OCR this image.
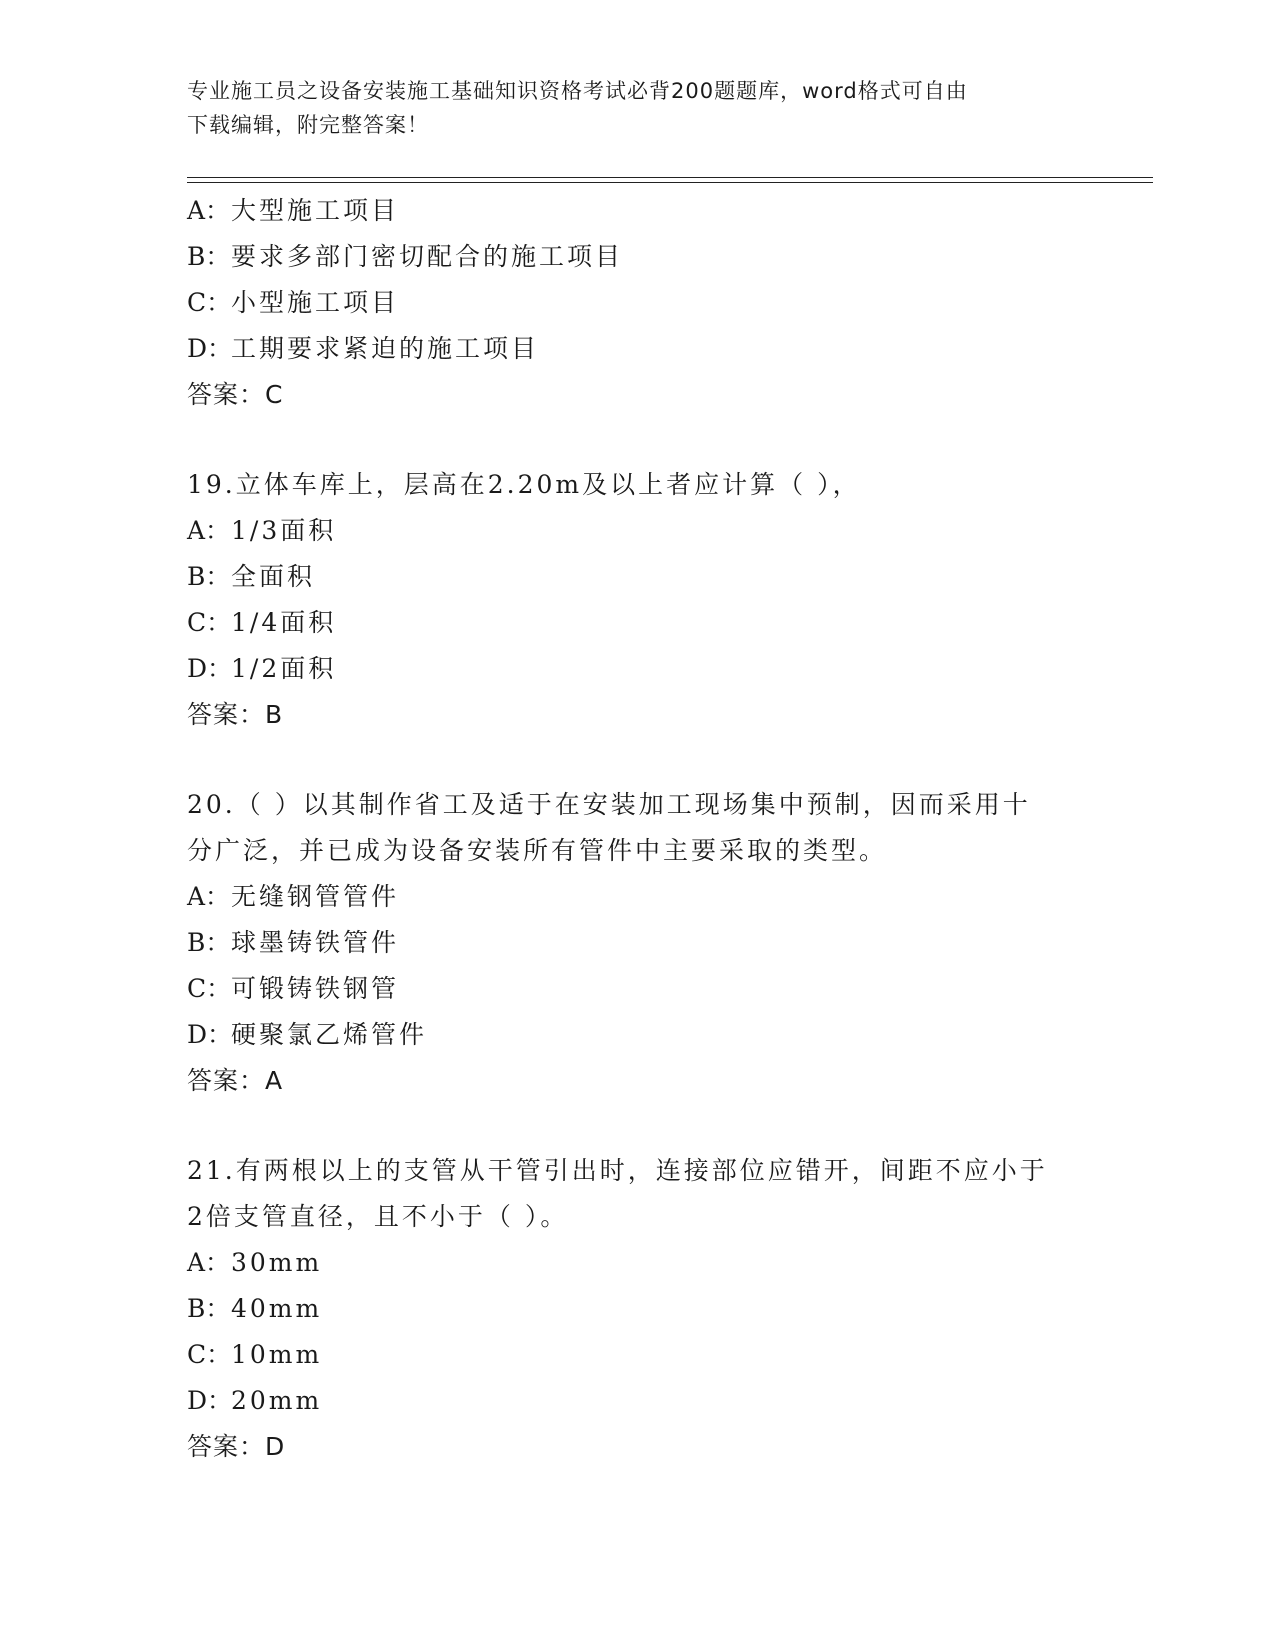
专业施工员之设备安装施工基础知识资格考试必背200题题库，word格式可自由
下载编辑，附完整答案！
A：大型施工项目
B：要求多部门密切配合的施工项目
C：小型施工项目
D：工期要求紧迫的施工项目
答案：C
19.立体车库上，层高在2.20m及以上者应计算（ ），
A：1/3面积
B：全面积
C：1/4面积
D：1/2面积
答案：B
20.（ ）以其制作省工及适于在安装加工现场集中预制，因而采用十
分广泛，并已成为设备安装所有管件中主要采取的类型。
A：无缝钢管管件
B：球墨铸铁管件
C：可锻铸铁钢管
D：硬聚氯乙烯管件
答案：A
21.有两根以上的支管从干管引出时，连接部位应错开，间距不应小于
2倍支管直径，且不小于（ ）。
A：30mm
B：40mm
C：10mm
D：20mm
答案：D
